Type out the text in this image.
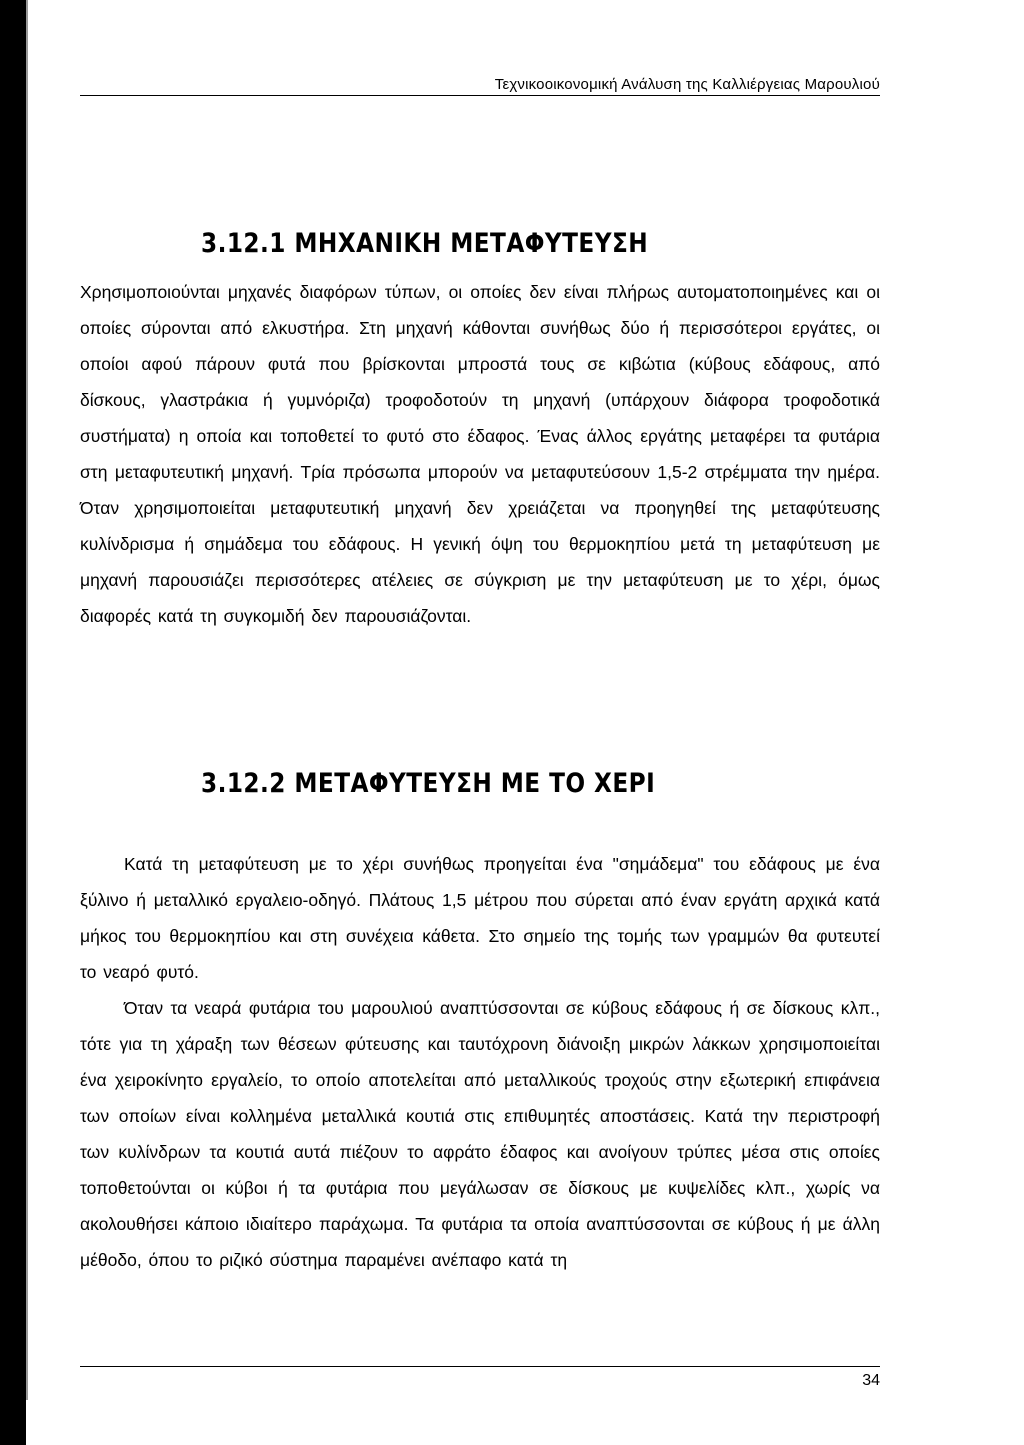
Τεχνικοοικονομική Ανάλυση της Καλλιέργειας Μαρουλιού
3.12.1 ΜΗΧΑΝΙΚΗ ΜΕΤΑΦΥΤΕΥΣΗ
Χρησιμοποιούνται μηχανές διαφόρων τύπων, οι οποίες δεν είναι πλήρως αυτοματοποιημένες και οι οποίες σύρονται από ελκυστήρα. Στη μηχανή κάθονται συνήθως δύο ή περισσότεροι εργάτες, οι οποίοι αφού πάρουν φυτά που βρίσκονται μπροστά τους σε κιβώτια (κύβους εδάφους, από δίσκους, γλαστράκια ή γυμνόριζα) τροφοδοτούν τη μηχανή (υπάρχουν διάφορα τροφοδοτικά συστήματα) η οποία και τοποθετεί το φυτό στο έδαφος. Ένας άλλος εργάτης μεταφέρει τα φυτάρια στη μεταφυτευτική μηχανή. Τρία πρόσωπα μπορούν να μεταφυτεύσουν 1,5-2 στρέμματα την ημέρα. Όταν χρησιμοποιείται μεταφυτευτική μηχανή δεν χρειάζεται να προηγηθεί της μεταφύτευσης κυλίνδρισμα ή σημάδεμα του εδάφους. Η γενική όψη του θερμοκηπίου μετά τη μεταφύτευση με μηχανή παρουσιάζει περισσότερες ατέλειες σε σύγκριση με την μεταφύτευση με το χέρι, όμως διαφορές κατά τη συγκομιδή δεν παρουσιάζονται.
3.12.2 ΜΕΤΑΦΥΤΕΥΣΗ ΜΕ ΤΟ ΧΕΡΙ
Κατά τη μεταφύτευση με το χέρι συνήθως προηγείται ένα "σημάδεμα" του εδάφους με ένα ξύλινο ή μεταλλικό εργαλειο-οδηγό. Πλάτους 1,5 μέτρου που σύρεται από έναν εργάτη αρχικά κατά μήκος του θερμοκηπίου και στη συνέχεια κάθετα. Στο σημείο της τομής των γραμμών θα φυτευτεί το νεαρό φυτό.
Όταν τα νεαρά φυτάρια του μαρουλιού αναπτύσσονται σε κύβους εδάφους ή σε δίσκους κλπ., τότε για τη χάραξη των θέσεων φύτευσης και ταυτόχρονη διάνοιξη μικρών λάκκων χρησιμοποιείται ένα χειροκίνητο εργαλείο, το οποίο αποτελείται από μεταλλικούς τροχούς στην εξωτερική επιφάνεια των οποίων είναι κολλημένα μεταλλικά κουτιά στις επιθυμητές αποστάσεις. Κατά την περιστροφή των κυλίνδρων τα κουτιά αυτά πιέζουν το αφράτο έδαφος και ανοίγουν τρύπες μέσα στις οποίες τοποθετούνται οι κύβοι ή τα φυτάρια που μεγάλωσαν σε δίσκους με κυψελίδες κλπ., χωρίς να ακολουθήσει κάποιο ιδιαίτερο παράχωμα. Τα φυτάρια τα οποία αναπτύσσονται σε κύβους ή με άλλη μέθοδο, όπου το ριζικό σύστημα παραμένει ανέπαφο κατά τη
34
